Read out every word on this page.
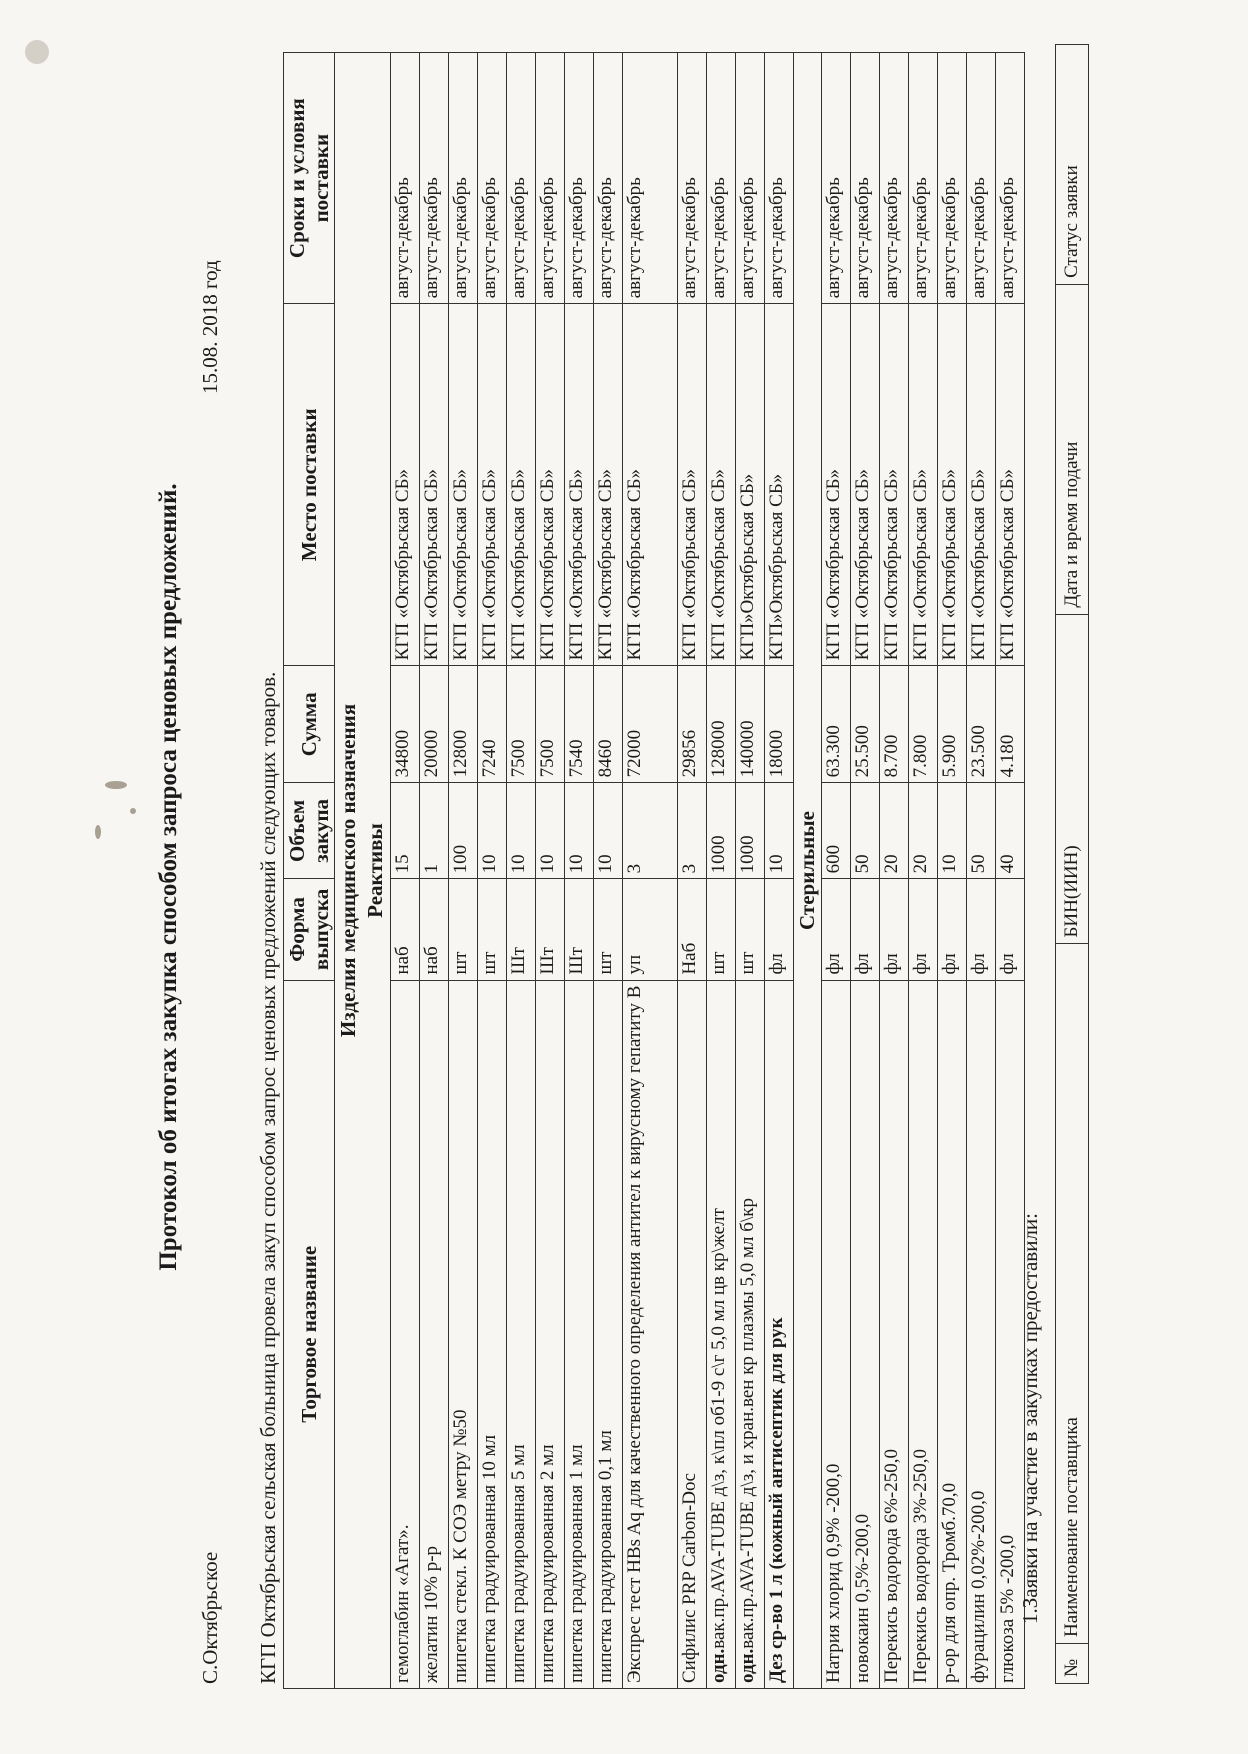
Протокол об итогах закупка способом запроса ценовых предложений.
С.Октябрьское
15.08. 2018 год
КГП Октябрьская сельская больница провела закуп способом запрос ценовых предложений следующих товаров. Торговое название	Форма выпуска	Объем закупа	Сумма	Место поставки	Сроки и условия поставки
Изделия медицинского назначения					
Реактивы					
гемоглабин «Агат».	наб	15	34800	КГП «Октябрьская СБ»	август-декабрь
желатин 10% р-р	наб	1	20000	КГП «Октябрьская СБ»	август-декабрь
пипетка стекл. К СОЭ метру №50	шт	100	12800	КГП «Октябрьская СБ»	август-декабрь
пипетка градуированная 10 мл	шт	10	7240	КГП «Октябрьская СБ»	август-декабрь
пипетка градуированная 5 мл	Шт	10	7500	КГП «Октябрьская СБ»	август-декабрь
пипетка градуированная 2 мл	Шт	10	7500	КГП «Октябрьская СБ»	август-декабрь
пипетка градуированная 1 мл	Шт	10	7540	КГП «Октябрьская СБ»	август-декабрь
пипетка градуированная 0,1 мл	шт	10	8460	КГП «Октябрьская СБ»	август-декабрь
Экспрес тест HBs Aq для качественного определения антител к вирусному гепатиту В	уп	3	72000	КГП «Октябрьская СБ»	август-декабрь
Сифилис PRP Carbon-Doc	Наб	3	29856	КГП «Октябрьская СБ»	август-декабрь
одн.вак.пр.AVA-TUBE д\з, к\пл об1-9 с\г 5,0 мл цв кр\желт	шт	1000	128000	КГП «Октябрьская СБ»	август-декабрь
одн.вак.пр.AVA-TUBE д\з, и хран.вен кр плазмы 5,0 мл б\кр	шт	1000	140000	КГП»Октябрьская СБ»	август-декабрь
Дез ср-во 1 л (кожный антисептик для рук	фл	10	18000	КГП»Октябрьская СБ»	август-декабрь
Стерильные					
Натрия хлорид 0,9% -200,0	фл	600	63.300	КГП «Октябрьская СБ»	август-декабрь
новокаин 0,5%-200,0	фл	50	25.500	КГП «Октябрьская СБ»	август-декабрь
Перекись водорода 6%-250,0	фл	20	8.700	КГП «Октябрьская СБ»	август-декабрь
Перекись водорода 3%-250,0	фл	20	7.800	КГП «Октябрьская СБ»	август-декабрь
р-ор для опр. Тромб.70,0	фл	10	5.900	КГП «Октябрьская СБ»	август-декабрь
фурацилин 0,02%-200,0	фл	50	23.500	КГП «Октябрьская СБ»	август-декабрь
глюкоза 5% -200,0	фл	40	4.180	КГП «Октябрьская СБ»	август-декабрь
1.Заявки на участие в закупках предоставили:
№	Наименование поставщика	БИН(ИИН)	Дата и время подачи	Статус заявки
